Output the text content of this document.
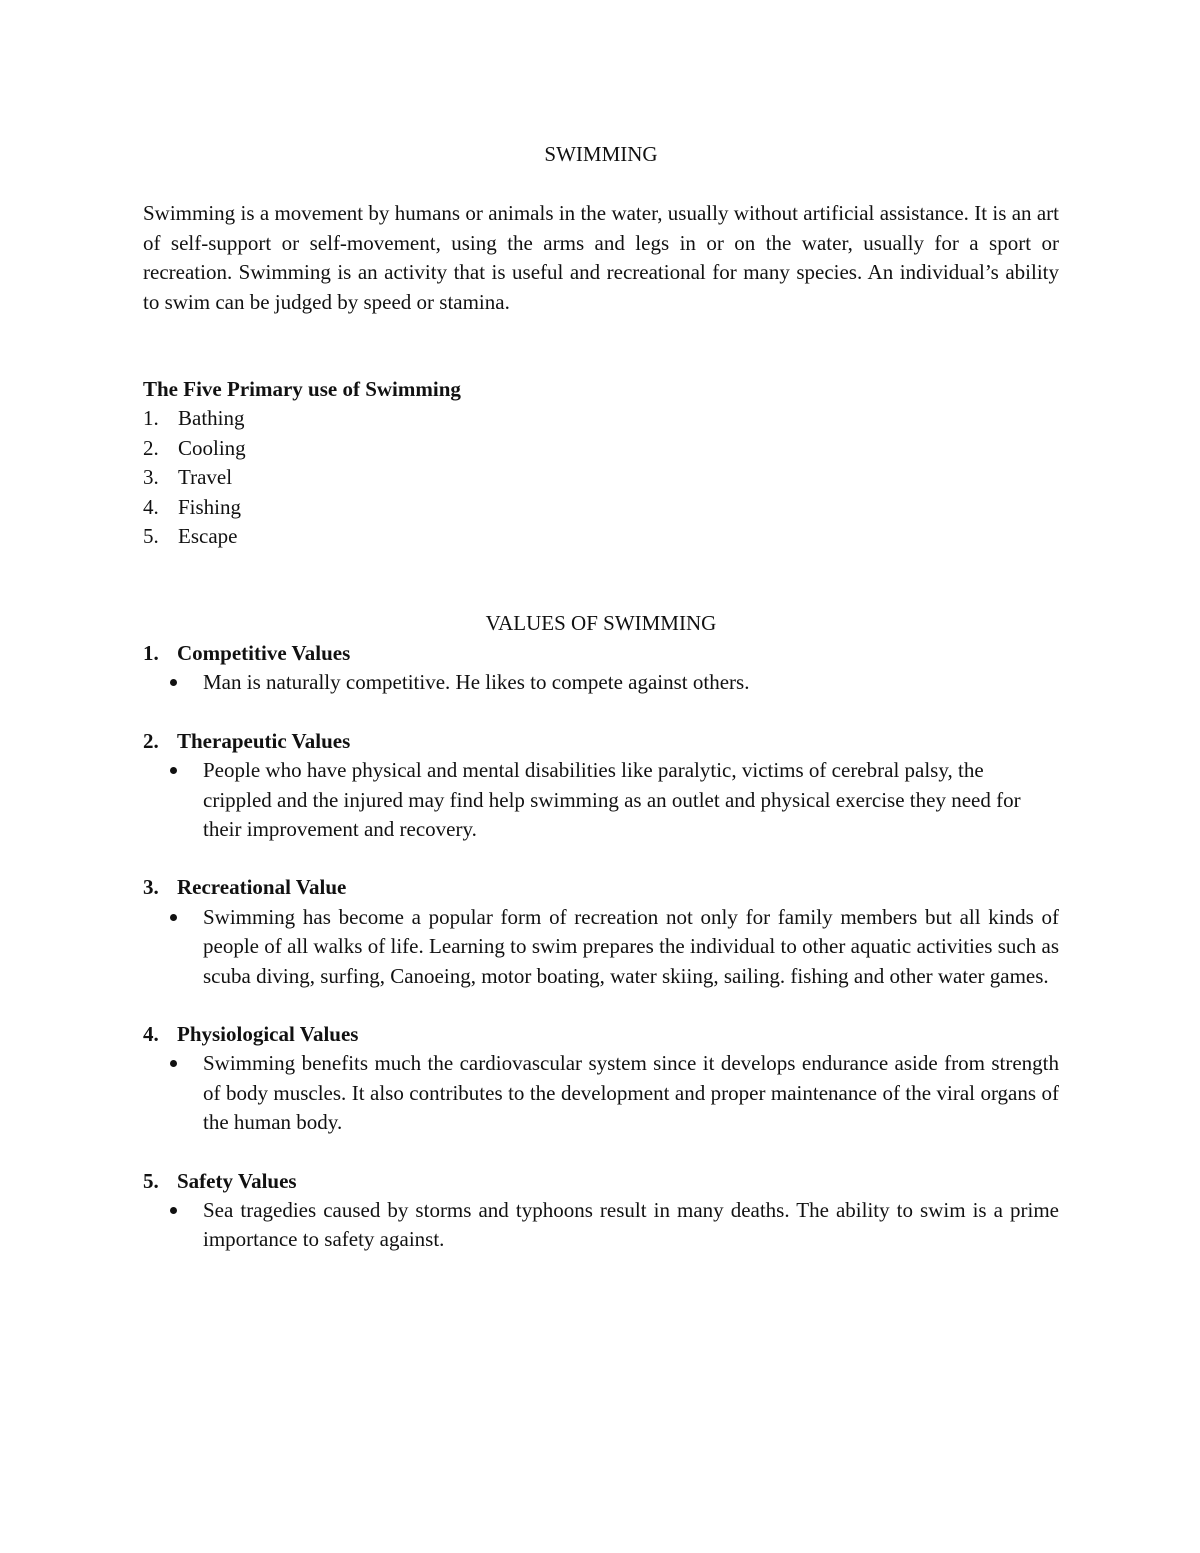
SWIMMING

Swimming is a movement by humans or animals in the water, usually without artificial assistance. It is an art of self-support or self-movement, using the arms and legs in or on the water, usually for a sport or recreation. Swimming is an activity that is useful and recreational for many species. An individual’s ability to swim can be judged by speed or stamina.

The Five Primary use of Swimming
1. Bathing
2. Cooling
3. Travel
4. Fishing
5. Escape
VALUES OF SWIMMING
1. Competitive Values
Man is naturally competitive. He likes to compete against others.
2. Therapeutic Values
People who have physical and mental disabilities like paralytic, victims of cerebral palsy, the crippled and the injured may find help swimming as an outlet and physical exercise they need for their improvement and recovery.
3. Recreational Value
Swimming has become a popular form of recreation not only for family members but all kinds of people of all walks of life. Learning to swim prepares the individual to other aquatic activities such as scuba diving, surfing, Canoeing, motor boating, water skiing, sailing. fishing and other water games.
4. Physiological Values
Swimming benefits much the cardiovascular system since it develops endurance aside from strength of body muscles. It also contributes to the development and proper maintenance of the viral organs of the human body.
5. Safety Values
Sea tragedies caused by storms and typhoons result in many deaths. The ability to swim is a prime importance to safety against.
